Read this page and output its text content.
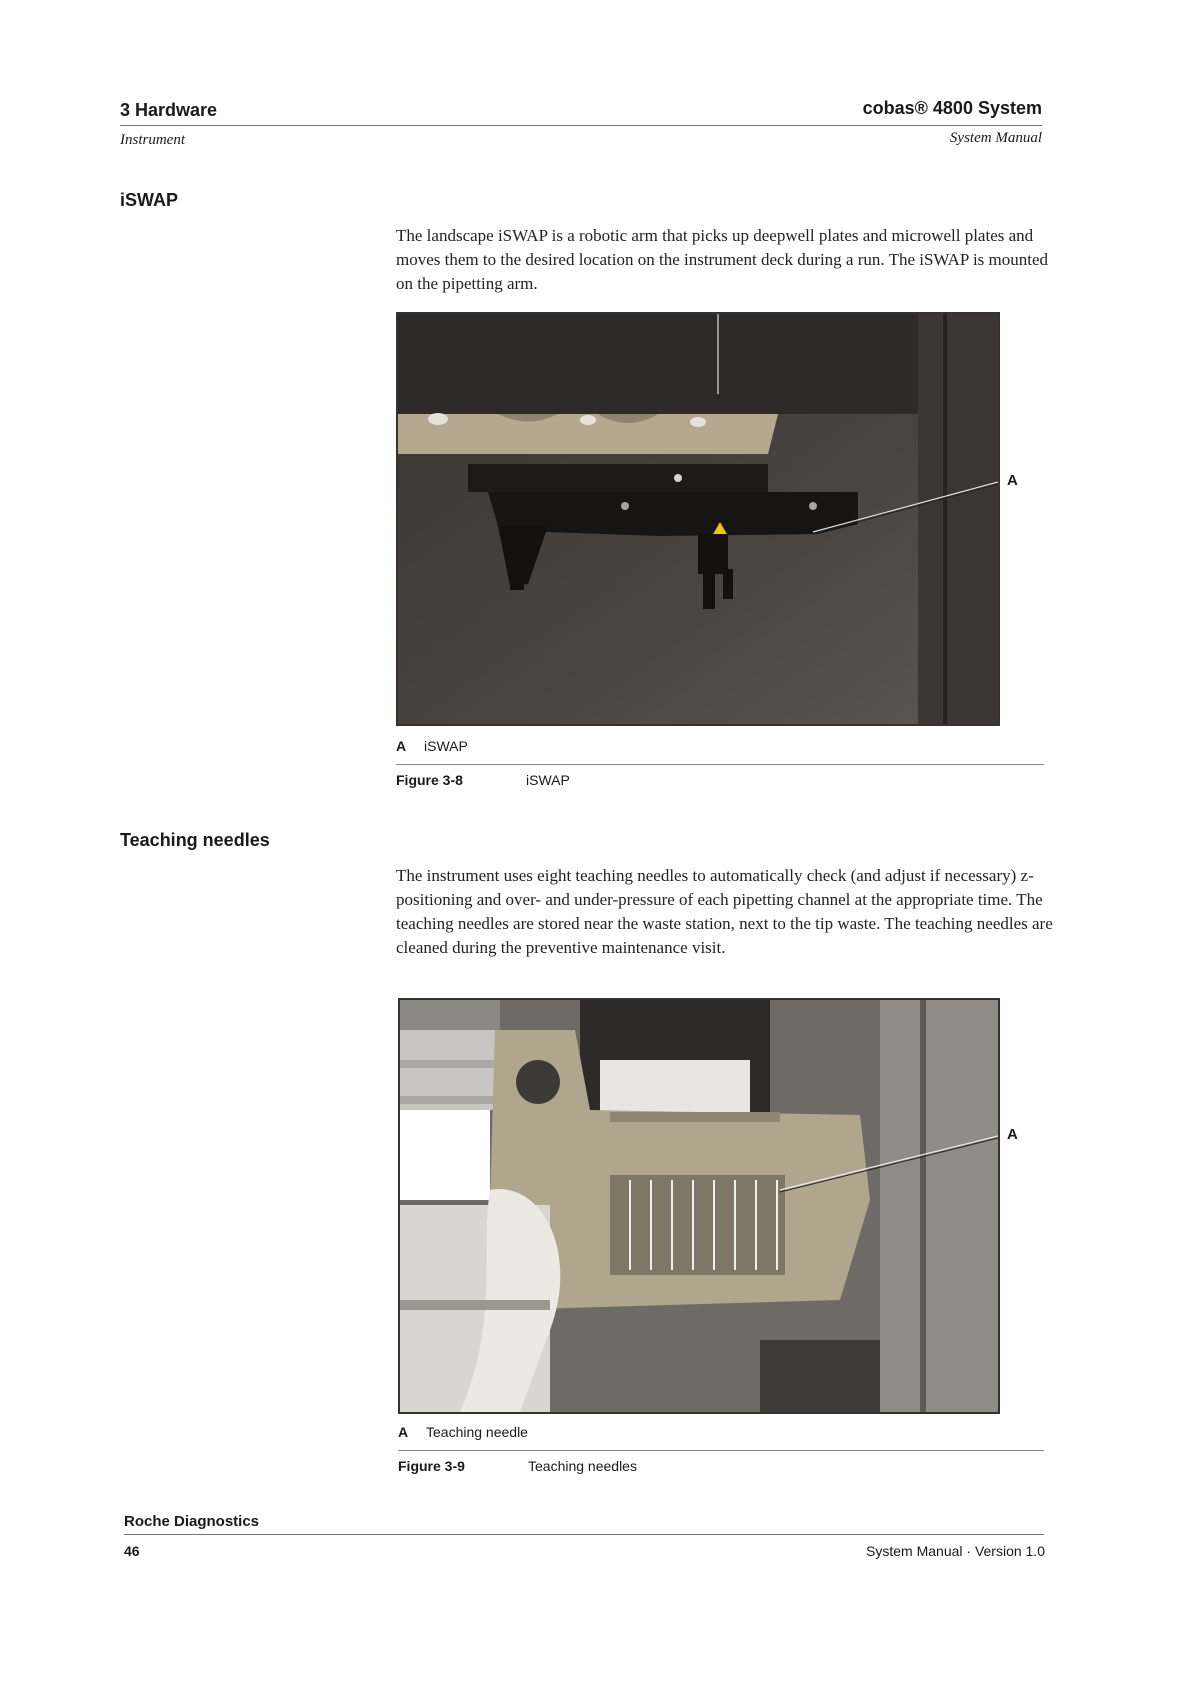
3 Hardware
Instrument
cobas® 4800 System
System Manual
iSWAP
The landscape iSWAP is a robotic arm that picks up deepwell plates and microwell plates and moves them to the desired location on the instrument deck during a run. The iSWAP is mounted on the pipetting arm.
A
A iSWAP
Figure 3-8	iSWAP
Teaching needles
The instrument uses eight teaching needles to automatically check (and adjust if necessary) z-positioning and over- and under-pressure of each pipetting channel at the appropriate time. The teaching needles are stored near the waste station, next to the tip waste. The teaching needles are cleaned during the preventive maintenance visit.
A
A Teaching needle
Figure 3-9	Teaching needles
Roche Diagnostics
46	System Manual · Version 1.0
